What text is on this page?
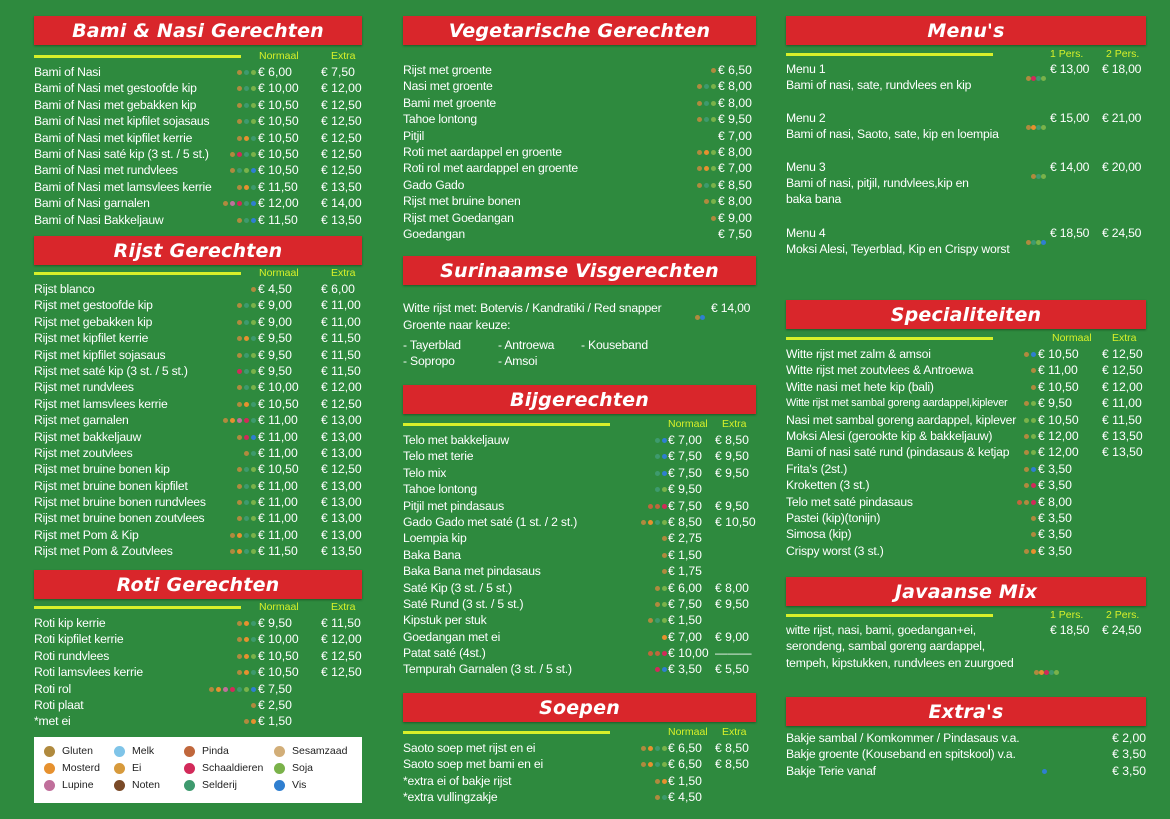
Bami & Nasi Gerechten
Normaal	Extra
Bami of Nasi	€ 6,00 € 7,50
Bami of Nasi met gestoofde kip	€ 10,00 € 12,00
Bami of Nasi met gebakken kip	€ 10,50 € 12,50
Bami of Nasi met kipfilet sojasaus	€ 10,50 € 12,50
Bami of Nasi met kipfilet kerrie	€ 10,50 € 12,50
Bami of Nasi saté kip (3 st. / 5 st.)	€ 10,50 € 12,50
Bami of Nasi met rundvlees	€ 10,50 € 12,50
Bami of Nasi met lamsvlees kerrie	€ 11,50 € 13,50
Bami of Nasi garnalen	€ 12,00 € 14,00
Bami of Nasi Bakkeljauw	€ 11,50 € 13,50
Rijst Gerechten
Normaal	Extra
Rijst blanco	€ 4,50 € 6,00
Rijst met gestoofde kip	€ 9,00 € 11,00
Rijst met gebakken kip	€ 9,00 € 11,00
Rijst met kipfilet kerrie	€ 9,50 € 11,50
Rijst met kipfilet sojasaus	€ 9,50 € 11,50
Rijst met saté kip (3 st. / 5 st.)	€ 9,50 € 11,50
Rijst met rundvlees	€ 10,00 € 12,00
Rijst met lamsvlees kerrie	€ 10,50 € 12,50
Rijst met garnalen	€ 11,00 € 13,00
Rijst met bakkeljauw	€ 11,00 € 13,00
Rijst met zoutvlees	€ 11,00 € 13,00
Rijst met bruine bonen kip	€ 10,50 € 12,50
Rijst met bruine bonen kipfilet	€ 11,00 € 13,00
Rijst met bruine bonen rundvlees	€ 11,00 € 13,00
Rijst met bruine bonen zoutvlees	€ 11,00 € 13,00
Rijst met Pom & Kip	€ 11,00 € 13,00
Rijst met Pom & Zoutvlees	€ 11,50 € 13,50
Roti Gerechten
Normaal	Extra
Roti kip kerrie	€ 9,50 € 11,50
Roti kipfilet kerrie	€ 10,00 € 12,00
Roti rundvlees	€ 10,50 € 12,50
Roti lamsvlees kerrie	€ 10,50 € 12,50
Roti rol	€ 7,50
Roti plaat	€ 2,50
*met ei	€ 1,50
Gluten
Mosterd
Lupine
Melk
Ei
Noten
Pinda
Schaaldieren
Selderij
Sesamzaad
Soja
Vis
Vegetarische Gerechten
Rijst met groente	€ 6,50
Nasi met groente	€ 8,00
Bami met groente	€ 8,00
Tahoe lontong	€ 9,50
Pitjil	€ 7,00
Roti met aardappel en groente	€ 8,00
Roti rol met aardappel en groente	€ 7,00
Gado Gado	€ 8,50
Rijst met bruine bonen	€ 8,00
Rijst met Goedangan	€ 9,00
Goedangan	€ 7,50
Surinaamse Visgerechten
Witte rijst met: Botervis / Kandratiki / Red snapper	€ 14,00
Groente naar keuze:
- Tayerblad	- Antroewa - Kouseband
- Sopropo	- Amsoi
Bijgerechten
Normaal Extra
Telo met bakkeljauw	€ 7,00 € 8,50
Telo met terie	€ 7,50 € 9,50
Telo mix	€ 7,50 € 9,50
Tahoe lontong	€ 9,50
Pitjil met pindasaus	€ 7,50 € 9,50
Gado Gado met saté (1 st. / 2 st.)	€ 8,50 € 10,50
Loempia kip	€ 2,75
Baka Bana	€ 1,50
Baka Bana met pindasaus	€ 1,75
Saté Kip (3 st. / 5 st.)	€ 6,00 € 8,00
Saté Rund (3 st. / 5 st.)	€ 7,50 € 9,50
Kipstuk per stuk	€ 1,50
Goedangan met ei	€ 7,00 € 9,00
Patat saté (4st.)	€ 10,00 ———
Tempurah Garnalen (3 st. / 5 st.)	€ 3,50 € 5,50
Soepen
Normaal Extra
Saoto soep met rijst en ei	€ 6,50 € 8,50
Saoto soep met bami en ei	€ 6,50 € 8,50
*extra ei of bakje rijst	€ 1,50
*extra vullingzakje	€ 4,50
Menu's
1 Pers. 2 Pers.
Menu 1	€ 13,00 € 18,00
Bami of nasi, sate, rundvlees en kip
Menu 2	€ 15,00 € 21,00
Bami of nasi, Saoto, sate, kip en loempia
Menu 3	€ 14,00 € 20,00
Bami of nasi, pitjil, rundvlees,kip en
baka bana
Menu 4	€ 18,50 € 24,50
Moksi Alesi, Teyerblad, Kip en Crispy worst
Specialiteiten
Normaal Extra
Witte rijst met zalm & amsoi	€ 10,50 € 12,50
Witte rijst met zoutvlees & Antroewa	€ 11,00 € 12,50
Witte nasi met hete kip (bali)	€ 10,50 € 12,00
Witte rijst met sambal goreng aardappel,kiplever	€ 9,50 € 11,00
Nasi met sambal goreng aardappel, kiplever € 10,50 € 11,50
Moksi Alesi (gerookte kip & bakkeljauw)	€ 12,00 € 13,50
Bami of nasi saté rund (pindasaus & ketjap € 12,00 € 13,50
Frita's (2st.)	€ 3,50
Kroketten (3 st.)	€ 3,50
Telo met saté pindasaus	€ 8,00
Pastei (kip)(tonijn)	€ 3,50
Simosa (kip)	€ 3,50
Crispy worst (3 st.)	€ 3,50
Javaanse Mix
1 Pers. 2 Pers.
witte rijst, nasi, bami, goedangan+ei,
serondeng, sambal goreng aardappel,
tempeh, kipstukken, rundvlees en zuurgoed
€ 18,50 € 24,50
Extra's
Bakje sambal / Komkommer / Pindasaus v.a.	€ 2,00
Bakje groente (Kouseband en spitskool) v.a.	€ 3,50
Bakje Terie vanaf	€ 3,50
